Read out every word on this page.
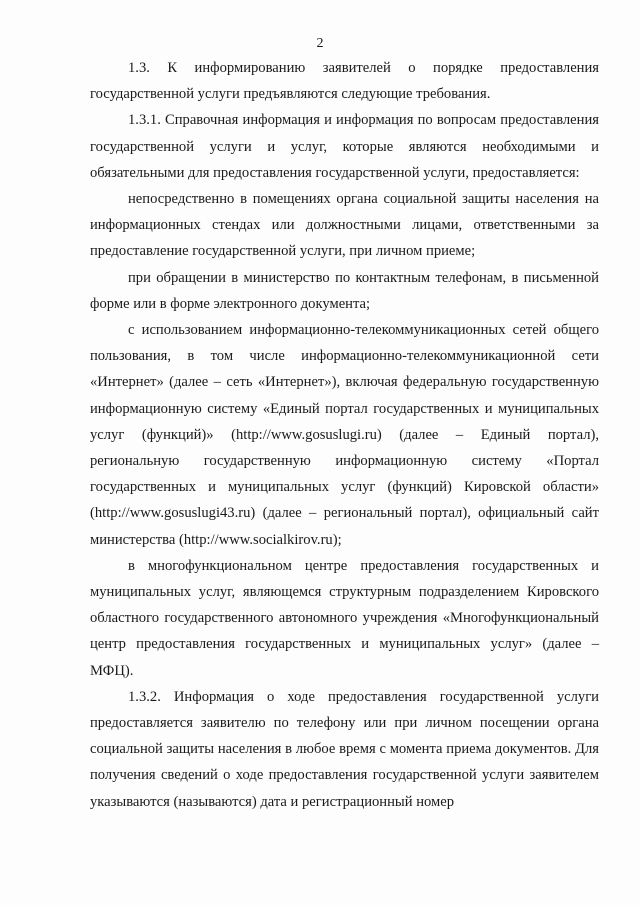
2

1.3. К информированию заявителей о порядке предоставления государственной услуги предъявляются следующие требования.

1.3.1. Справочная информация и информация по вопросам предоставления государственной услуги и услуг, которые являются необходимыми и обязательными для предоставления государственной услуги, предоставляется:

непосредственно в помещениях органа социальной защиты населения на информационных стендах или должностными лицами, ответственными за предоставление государственной услуги, при личном приеме;

при обращении в министерство по контактным телефонам, в письменной форме или в форме электронного документа;

с использованием информационно-телекоммуникационных сетей общего пользования, в том числе информационно-телекоммуникационной сети «Интернет» (далее – сеть «Интернет»), включая федеральную государственную информационную систему «Единый портал государственных и муниципальных услуг (функций)» (http://www.gosuslugi.ru) (далее – Единый портал), региональную государственную информационную систему «Портал государственных и муниципальных услуг (функций) Кировской области» (http://www.gosuslugi43.ru) (далее – региональный портал), официальный сайт министерства (http://www.socialkirov.ru);

в многофункциональном центре предоставления государственных и муниципальных услуг, являющемся структурным подразделением Кировского областного государственного автономного учреждения «Многофункциональный центр предоставления государственных и муниципальных услуг» (далее – МФЦ).

1.3.2. Информация о ходе предоставления государственной услуги предоставляется заявителю по телефону или при личном посещении органа социальной защиты населения в любое время с момента приема документов. Для получения сведений о ходе предоставления государственной услуги заявителем указываются (называются) дата и регистрационный номер
